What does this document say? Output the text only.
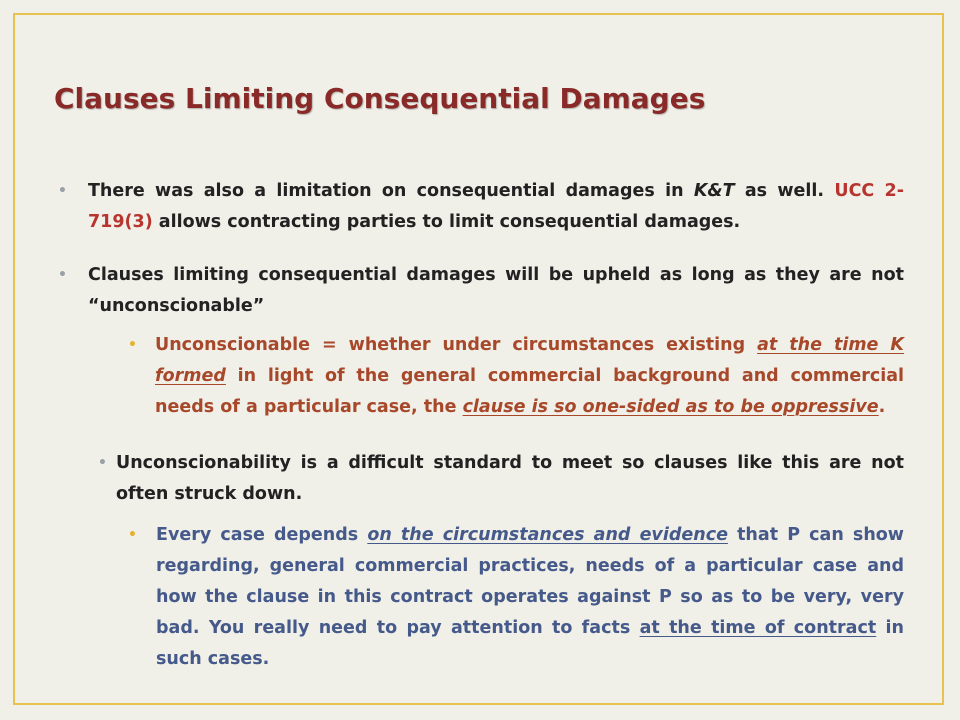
Clauses Limiting Consequential Damages
• There was also a limitation on consequential damages in K&T as well. UCC 2-719(3) allows contracting parties to limit consequential damages.
• Clauses limiting consequential damages will be upheld as long as they are not “unconscionable”
• Unconscionable = whether under circumstances existing at the time K formed in light of the general commercial background and commercial needs of a particular case, the clause is so one-sided as to be oppressive.
• Unconscionability is a difficult standard to meet so clauses like this are not often struck down.
• Every case depends on the circumstances and evidence that P can show regarding, general commercial practices, needs of a particular case and how the clause in this contract operates against P so as to be very, very bad. You really need to pay attention to facts at the time of contract in such cases.
